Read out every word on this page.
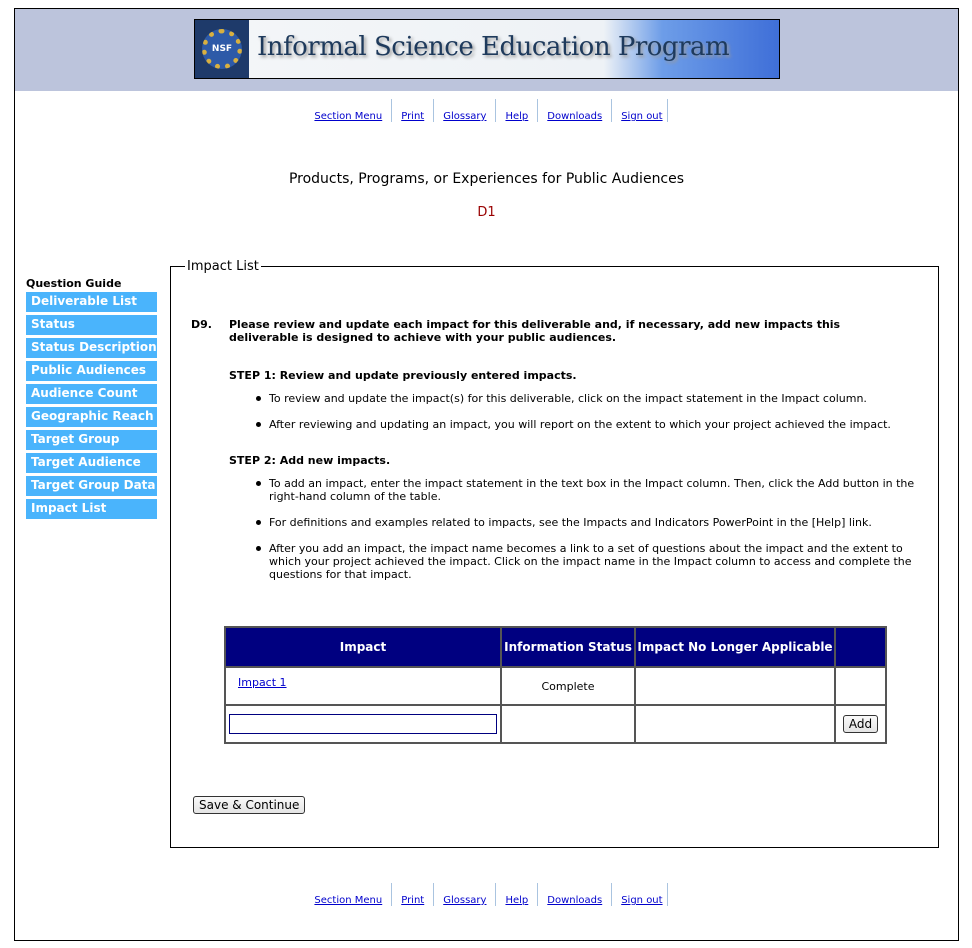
NSF Informal Science Education Program
Section Menu	Print	Glossary	Help	Downloads	Sign out
Products, Programs, or Experiences for Public Audiences
D1
Question Guide
Deliverable List
Status
Status Description
Public Audiences
Audience Count
Geographic Reach
Target Group
Target Audience
Target Group Data
Impact List
Impact List
D9. Please review and update each impact for this deliverable and, if necessary, add new impacts this deliverable is designed to achieve with your public audiences.
STEP 1: Review and update previously entered impacts.
To review and update the impact(s) for this deliverable, click on the impact statement in the Impact column.
After reviewing and updating an impact, you will report on the extent to which your project achieved the impact.
STEP 2: Add new impacts.
To add an impact, enter the impact statement in the text box in the Impact column. Then, click the Add button in the right-hand column of the table.
For definitions and examples related to impacts, see the Impacts and Indicators PowerPoint in the [Help] link.
After you add an impact, the impact name becomes a link to a set of questions about the impact and the extent to which your project achieved the impact. Click on the impact name in the Impact column to access and complete the questions for that impact.
Impact	Information Status	Impact No Longer Applicable	
Impact 1	Complete		
			Add
Save & Continue
Section Menu	Print	Glossary	Help	Downloads	Sign out
